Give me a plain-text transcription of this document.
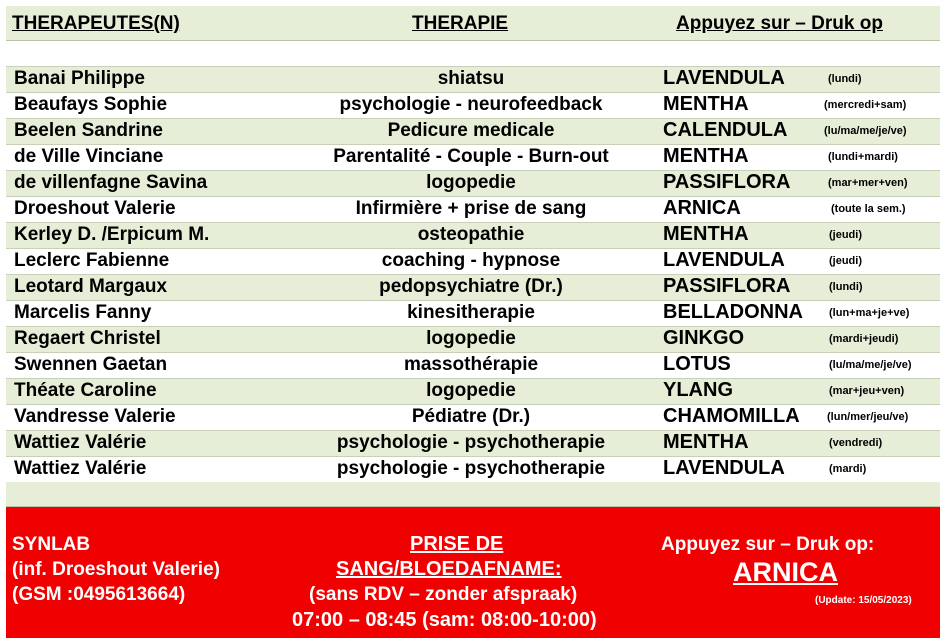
THERAPEUTES(N)	THERAPIE	Appuyez sur – Druk op
Banai Philippe	shiatsu	LAVENDULA	(lundi)
Beaufays Sophie	psychologie - neurofeedback	MENTHA	(mercredi+sam)
Beelen Sandrine	Pedicure medicale	CALENDULA	(lu/ma/me/je/ve)
de Ville Vinciane	Parentalité - Couple - Burn-out	MENTHA	(lundi+mardi)
de villenfagne Savina	logopedie	PASSIFLORA	(mar+mer+ven)
Droeshout Valerie	Infirmière + prise de sang	ARNICA	(toute la sem.)
Kerley D. /Erpicum M.	osteopathie	MENTHA	(jeudi)
Leclerc Fabienne	coaching - hypnose	LAVENDULA	(jeudi)
Leotard Margaux	pedopsychiatre (Dr.)	PASSIFLORA	(lundi)
Marcelis Fanny	kinesitherapie	BELLADONNA (lun+ma+je+ve)
Regaert Christel	logopedie	GINKGO	(mardi+jeudi)
Swennen Gaetan	massothérapie	LOTUS	(lu/ma/me/je/ve)
Théate Caroline	logopedie	YLANG	(mar+jeu+ven)
Vandresse Valerie	Pédiatre (Dr.)	CHAMOMILLA (lun/mer/jeu/ve)
Wattiez Valérie	psychologie - psychotherapie	MENTHA	(vendredi)
Wattiez Valérie	psychologie - psychotherapie	LAVENDULA	(mardi)
SYNLAB
(inf. Droeshout Valerie)
(GSM :0495613664)
PRISE DE
SANG/BLOEDAFNAME:
(sans RDV – zonder afspraak)
07:00 – 08:45 (sam: 08:00-10:00)
Appuyez sur – Druk op:
ARNICA
(Update: 15/05/2023)
